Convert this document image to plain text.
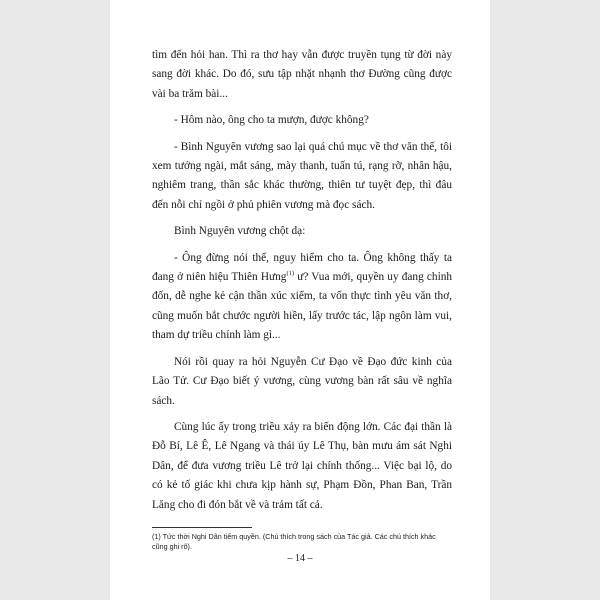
tìm đến hỏi han. Thì ra thơ hay vẫn được truyền tụng từ đời này sang đời khác. Do đó, sưu tập nhặt nhạnh thơ Đường cũng được vài ba trăm bài...

- Hôm nào, ông cho ta mượn, được không?

- Bình Nguyên vương sao lại quá chú mục về thơ văn thế, tôi xem tướng ngài, mắt sáng, mày thanh, tuấn tú, rạng rỡ, nhân hậu, nghiêm trang, thần sắc khác thường, thiên tư tuyệt đẹp, thì đâu đến nỗi chỉ ngồi ở phủ phiên vương mà đọc sách.

Bình Nguyên vương chột dạ:

- Ông đừng nói thế, nguy hiểm cho ta. Ông không thấy ta đang ở niên hiệu Thiên Hưng$^{(1)}$ ư? Vua mới, quyền uy đang chỉnh đốn, dễ nghe kẻ cận thần xúc xiểm, ta vốn thực tình yêu văn thơ, cũng muốn bắt chước người hiền, lấy trước tác, lập ngôn làm vui, tham dự triều chính làm gì...

Nói rồi quay ra hỏi Nguyễn Cư Đạo về Đạo đức kinh của Lão Tử. Cư Đạo biết ý vương, cùng vương bàn rất sâu về nghĩa sách.

Cùng lúc ấy trong triều xảy ra biến động lớn. Các đại thần là Đỗ Bí, Lê Ê, Lê Ngang và thái úy Lê Thụ, bàn mưu ám sát Nghi Dân, để đưa vương triều Lê trở lại chính thống... Việc bại lộ, do có kẻ tố giác khi chưa kịp hành sự, Phạm Đồn, Phan Ban, Trần Lăng cho đi đón bắt về và trảm tất cả.

(1) Tức thời Nghi Dân tiếm quyền. (Chú thích trong sách của Tác giả. Các chú thích khác cũng ghi rõ).

– 14 –
